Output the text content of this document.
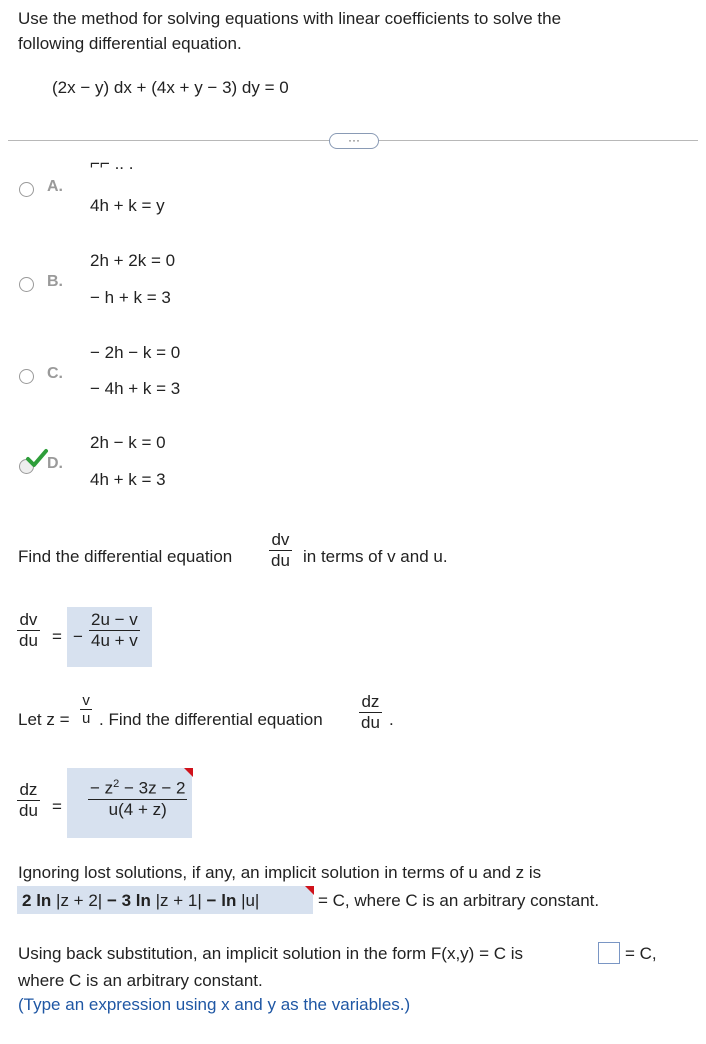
Use the method for solving equations with linear coefficients to solve the
following differential equation.
(2x − y) dx + (4x + y − 3) dy = 0
···
A.
⌐⌐ .. .
4h + k = y
B.
2h + 2k = 0
− h + k = 3
C.
− 2h − k = 0
− 4h + k = 3
D.
2h − k = 0
4h + k = 3
Find the differential equation $\frac{dv}{du}$ in terms of v and u.
$\frac{dv}{du}$ = − $\frac{2u - v}{4u + v}$
Let $z = \frac{v}{u}$ . Find the differential equation $\frac{dz}{du}$ .
$\frac{dz}{du} = \frac{- z^2 - 3z - 2}{u(4 + z)}$
Ignoring lost solutions, if any, an implicit solution in terms of u and z is
2 ln |z + 2| − 3 ln |z + 1| − ln |u|	= C, where C is an arbitrary constant.
Using back substitution, an implicit solution in the form F(x,y) = C is	= C,
where C is an arbitrary constant.
(Type an expression using x and y as the variables.)
